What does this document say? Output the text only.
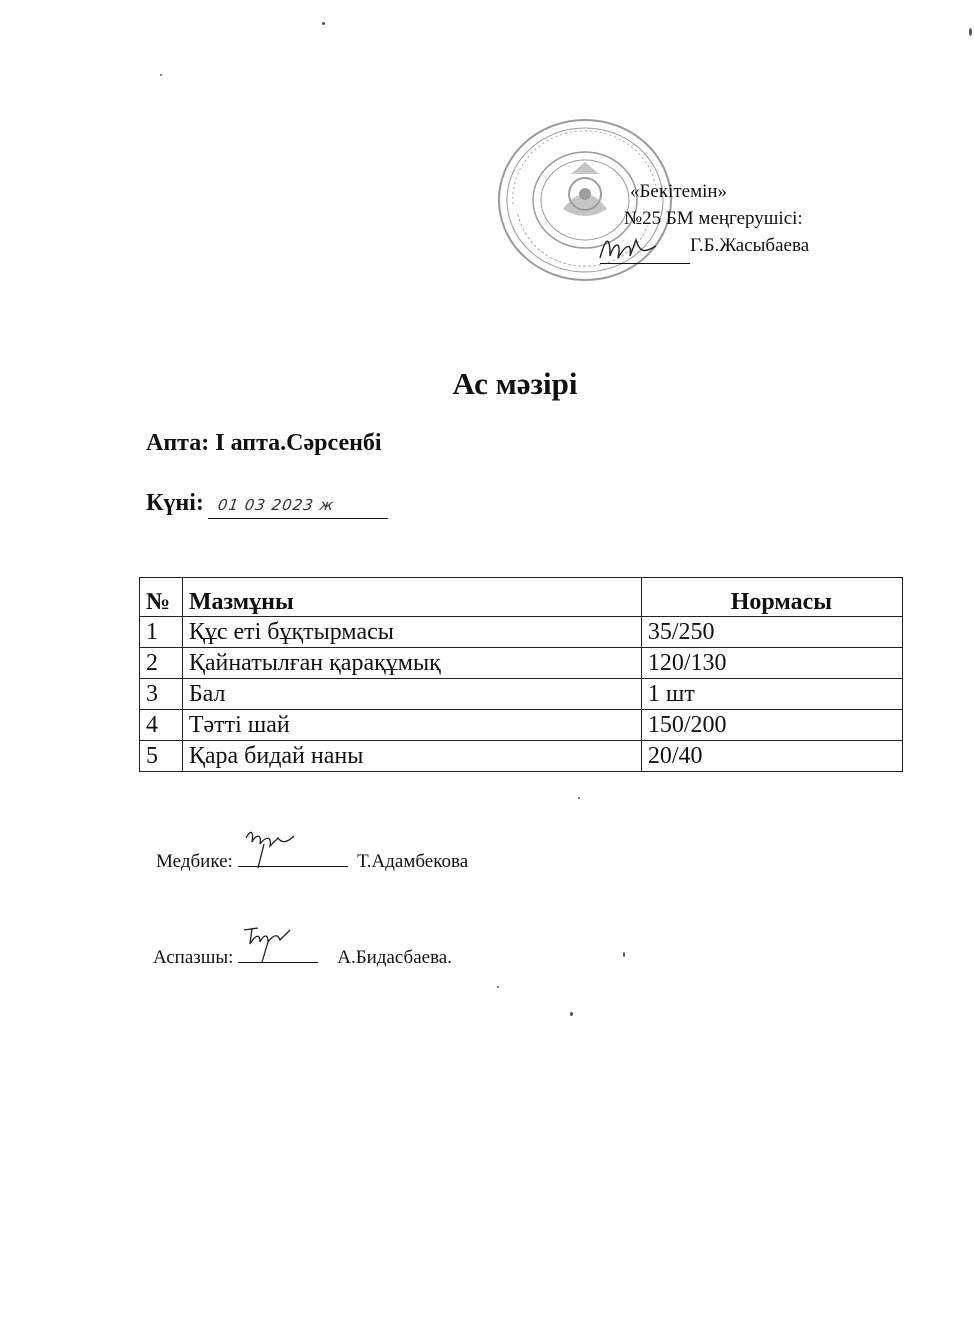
«Бекітемін»
№25 БМ меңгерушісі:
Г.Б.Жасыбаева
Ас мәзірі
Апта: І апта.Сәрсенбі
Күні: 01 03 2023 ж
№	Мазмұны	Нормасы
1	Құс еті бұқтырмасы	35/250
2	Қайнатылған қарақұмық	120/130
3	Бал	1 шт
4	Тәтті шай	150/200
5	Қара бидай наны	20/40
Медбике:	Т.Адамбекова
Аспазшы:	А.Бидасбаева.
